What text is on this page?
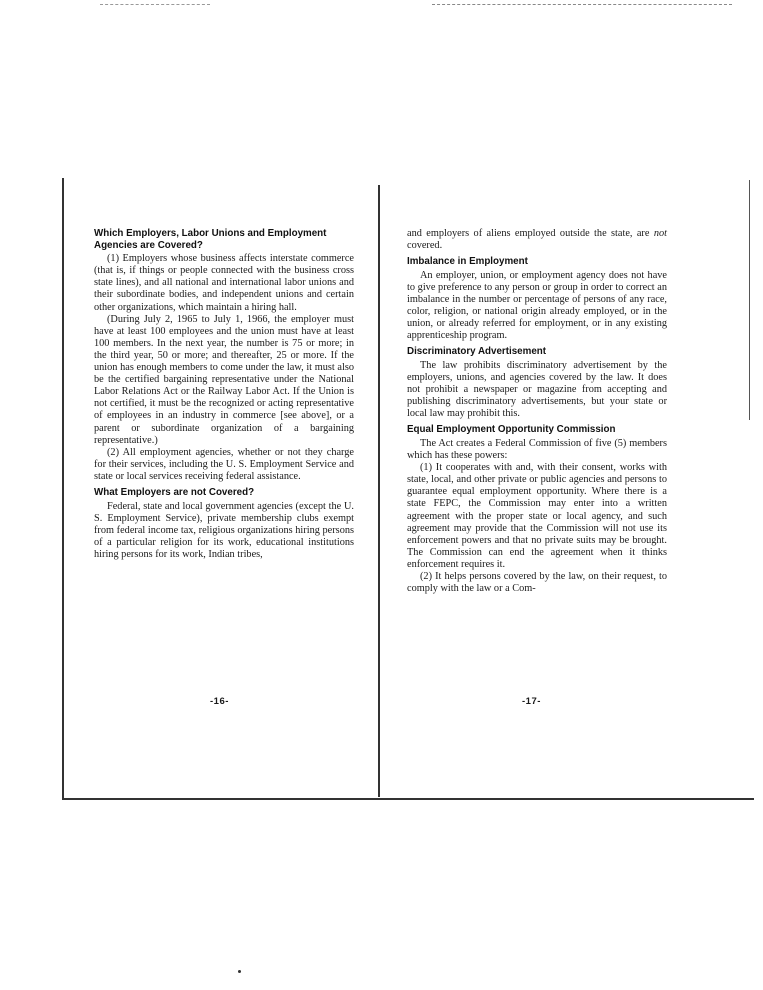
Which Employers, Labor Unions and Employment Agencies are Covered?

(1) Employers whose business affects interstate commerce (that is, if things or people connected with the business cross state lines), and all national and international labor unions and their subordinate bodies, and independent unions and certain other organizations, which maintain a hiring hall.

(During July 2, 1965 to July 1, 1966, the employer must have at least 100 employees and the union must have at least 100 members. In the next year, the number is 75 or more; in the third year, 50 or more; and thereafter, 25 or more. If the union has enough members to come under the law, it must also be the certified bargaining representative under the National Labor Relations Act or the Railway Labor Act. If the Union is not certified, it must be the recognized or acting representative of employees in an industry in commerce [see above], or a parent or subordinate organization of a bargaining representative.)

(2) All employment agencies, whether or not they charge for their services, including the U. S. Employment Service and state or local services receiving federal assistance.

What Employers are not Covered?

Federal, state and local government agencies (except the U. S. Employment Service), private membership clubs exempt from federal income tax, religious organizations hiring persons of a particular religion for its work, educational institutions hiring persons for its work, Indian tribes,

and employers of aliens employed outside the state, are not covered.

Imbalance in Employment

An employer, union, or employment agency does not have to give preference to any person or group in order to correct an imbalance in the number or percentage of persons of any race, color, religion, or national origin already employed, or in the union, or already referred for employment, or in any existing apprenticeship program.

Discriminatory Advertisement

The law prohibits discriminatory advertisement by the employers, unions, and agencies covered by the law. It does not prohibit a newspaper or magazine from accepting and publishing discriminatory advertisements, but your state or local law may prohibit this.

Equal Employment Opportunity Commission

The Act creates a Federal Commission of five (5) members which has these powers:

(1) It cooperates with and, with their consent, works with state, local, and other private or public agencies and persons to guarantee equal employment opportunity. Where there is a state FEPC, the Commission may enter into a written agreement with the proper state or local agency, and such agreement may provide that the Commission will not use its enforcement powers and that no private suits may be brought. The Commission can end the agreement when it thinks enforcement requires it.

(2) It helps persons covered by the law, on their request, to comply with the law or a Com-

-16-	-17-
